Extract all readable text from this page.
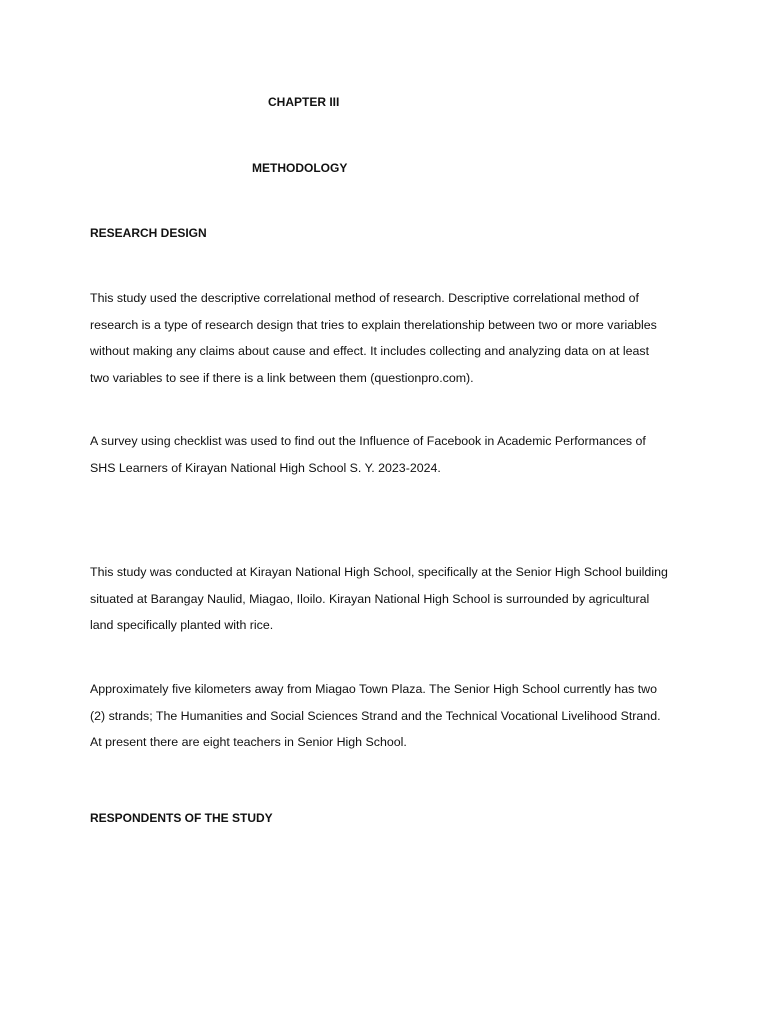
CHAPTER III
METHODOLOGY
RESEARCH DESIGN

This study used the descriptive correlational method of research. Descriptive correlational method of
research is a type of research design that tries to explain therelationship between two or more variables
without making any claims about cause and effect. It includes collecting and analyzing data on at least
two variables to see if there is a link between them (questionpro.com).

A survey using checklist was used to find out the Influence of Facebook in Academic Performances of
SHS Learners of Kirayan National High School S. Y. 2023-2024.

This study was conducted at Kirayan National High School, specifically at the Senior High School building
situated at Barangay Naulid, Miagao, Iloilo. Kirayan National High School is surrounded by agricultural
land specifically planted with rice.

Approximately five kilometers away from Miagao Town Plaza. The Senior High School currently has two
(2) strands; The Humanities and Social Sciences Strand and the Technical Vocational Livelihood Strand.
At present there are eight teachers in Senior High School.

RESPONDENTS OF THE STUDY
